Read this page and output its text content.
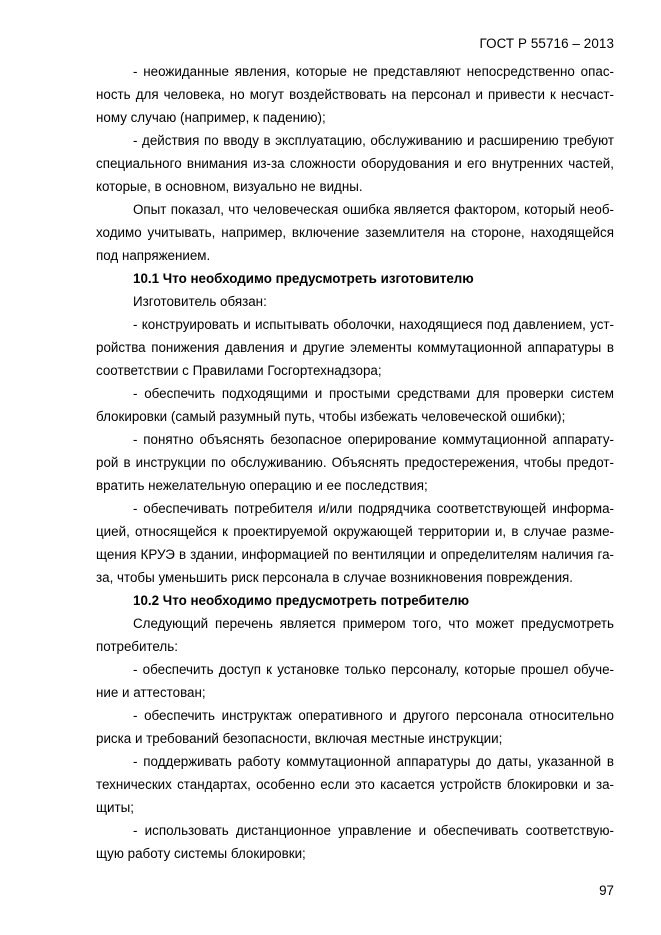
ГОСТ Р 55716 – 2013
- неожиданные явления, которые не представляют непосредственно опас-
ность для человека, но могут воздействовать на персонал и привести к несчаст-
ному случаю (например, к падению);
- действия по вводу в эксплуатацию, обслуживанию и расширению требуют
специального внимания из-за сложности оборудования и его внутренних частей,
которые, в основном, визуально не видны.
Опыт показал, что человеческая ошибка является фактором, который необ-
ходимо учитывать, например, включение заземлителя на стороне, находящейся
под напряжением.
10.1 Что необходимо предусмотреть изготовителю
Изготовитель обязан:
- конструировать и испытывать оболочки, находящиеся под давлением, уст-
ройства понижения давления и другие элементы коммутационной аппаратуры в
соответствии с Правилами Госгортехнадзора;
- обеспечить подходящими и простыми средствами для проверки систем
блокировки (самый разумный путь, чтобы избежать человеческой ошибки);
- понятно объяснять безопасное оперирование коммутационной аппарату-
рой в инструкции по обслуживанию. Объяснять предостережения, чтобы предот-
вратить нежелательную операцию и ее последствия;
- обеспечивать потребителя и/или подрядчика соответствующей информа-
цией, относящейся к проектируемой окружающей территории и, в случае разме-
щения КРУЭ в здании, информацией по вентиляции и определителям наличия га-
за, чтобы уменьшить риск персонала в случае возникновения повреждения.
10.2 Что необходимо предусмотреть потребителю
Следующий перечень является примером того, что может предусмотреть
потребитель:
- обеспечить доступ к установке только персоналу, которые прошел обуче-
ние и аттестован;
- обеспечить инструктаж оперативного и другого персонала относительно
риска и требований безопасности, включая местные инструкции;
- поддерживать работу коммутационной аппаратуры до даты, указанной в
технических стандартах, особенно если это касается устройств блокировки и за-
щиты;
- использовать дистанционное управление и обеспечивать соответствую-
щую работу системы блокировки;
97
